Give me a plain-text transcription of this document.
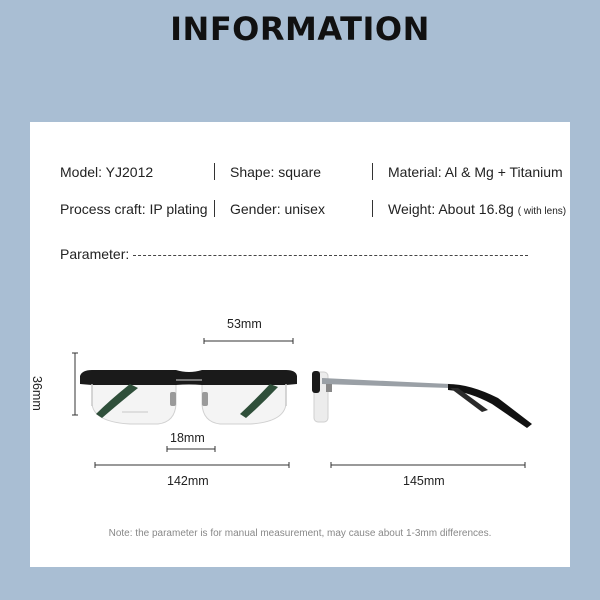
INFORMATION
Model: YJ2012	Shape: square	Material: Al & Mg + Titanium
Process craft: IP plating Gender: unisex	Weight: About 16.8g ( with lens)
Parameter:
53mm
36mm
18mm
142mm	145mm
Note: the parameter is for manual measurement, may cause about 1-3mm differences.
